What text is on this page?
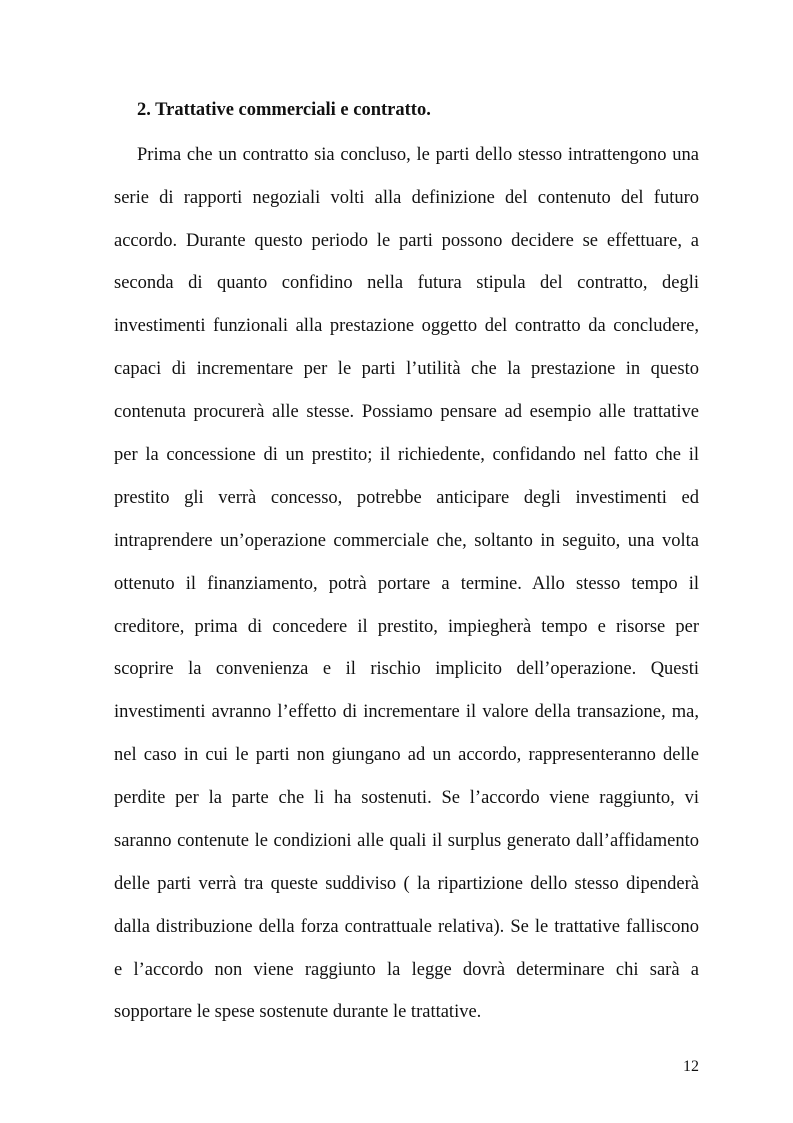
2. Trattative commerciali e contratto.
Prima che un contratto sia concluso, le parti dello stesso intrattengono una
serie di rapporti negoziali volti alla definizione del contenuto del futuro
accordo. Durante questo periodo le parti possono decidere se effettuare, a
seconda di quanto confidino nella futura stipula del contratto, degli
investimenti funzionali alla prestazione oggetto del contratto da concludere,
capaci di incrementare per le parti l’utilità che la prestazione in questo
contenuta procurerà alle stesse. Possiamo pensare ad esempio alle trattative
per la concessione di un prestito; il richiedente, confidando nel fatto che il
prestito gli verrà concesso, potrebbe anticipare degli investimenti ed
intraprendere un’operazione commerciale che, soltanto in seguito, una volta
ottenuto il finanziamento, potrà portare a termine. Allo stesso tempo il
creditore, prima di concedere il prestito, impiegherà tempo e risorse per
scoprire la convenienza e il rischio implicito dell’operazione. Questi
investimenti avranno l’effetto di incrementare il valore della transazione, ma,
nel caso in cui le parti non giungano ad un accordo, rappresenteranno delle
perdite per la parte che li ha sostenuti. Se l’accordo viene raggiunto, vi
saranno contenute le condizioni alle quali il surplus generato dall’affidamento
delle parti verrà tra queste suddiviso ( la ripartizione dello stesso dipenderà
dalla distribuzione della forza contrattuale relativa). Se le trattative falliscono
e l’accordo non viene raggiunto la legge dovrà determinare chi sarà a
sopportare le spese sostenute durante le trattative.
12
